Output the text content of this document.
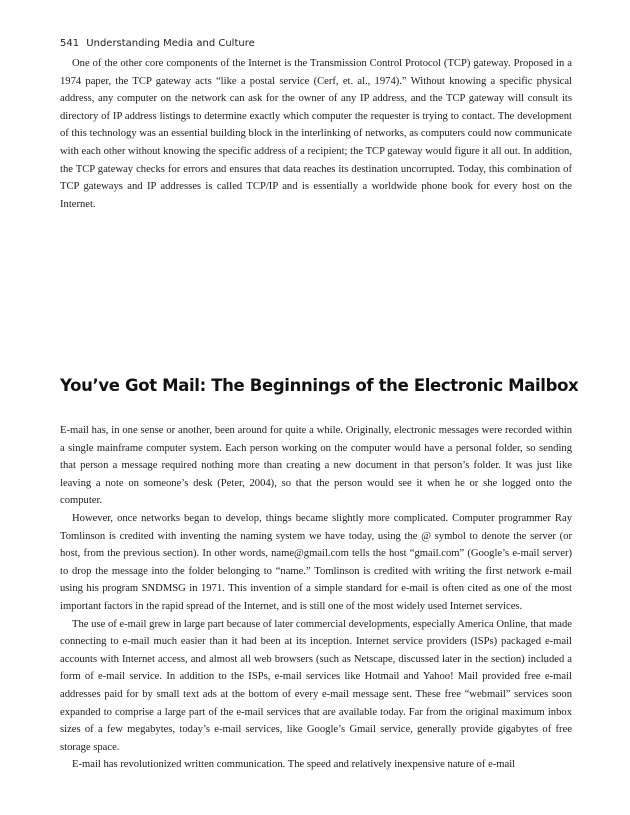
541 Understanding Media and Culture

One of the other core components of the Internet is the Transmission Control Protocol (TCP) gateway. Proposed in a 1974 paper, the TCP gateway acts “like a postal service (Cerf, et. al., 1974).” Without knowing a specific physical address, any computer on the network can ask for the owner of any IP address, and the TCP gateway will consult its directory of IP address listings to determine exactly which computer the requester is trying to contact. The development of this technology was an essential building block in the interlinking of networks, as computers could now communicate with each other without knowing the specific address of a recipient; the TCP gateway would figure it all out. In addition, the TCP gateway checks for errors and ensures that data reaches its destination uncorrupted. Today, this combination of TCP gateways and IP addresses is called TCP/IP and is essentially a worldwide phone book for every host on the Internet.

You’ve Got Mail: The Beginnings of the Electronic Mailbox

E-mail has, in one sense or another, been around for quite a while. Originally, electronic messages were recorded within a single mainframe computer system. Each person working on the computer would have a personal folder, so sending that person a message required nothing more than creating a new document in that person’s folder. It was just like leaving a note on someone’s desk (Peter, 2004), so that the person would see it when he or she logged onto the computer.

However, once networks began to develop, things became slightly more complicated. Computer programmer Ray Tomlinson is credited with inventing the naming system we have today, using the @ symbol to denote the server (or host, from the previous section). In other words, name@gmail.com tells the host “gmail.com” (Google’s e-mail server) to drop the message into the folder belonging to “name.” Tomlinson is credited with writing the first network e-mail using his program SNDMSG in 1971. This invention of a simple standard for e-mail is often cited as one of the most important factors in the rapid spread of the Internet, and is still one of the most widely used Internet services.

The use of e-mail grew in large part because of later commercial developments, especially America Online, that made connecting to e-mail much easier than it had been at its inception. Internet service providers (ISPs) packaged e-mail accounts with Internet access, and almost all web browsers (such as Netscape, discussed later in the section) included a form of e-mail service. In addition to the ISPs, e-mail services like Hotmail and Yahoo! Mail provided free e-mail addresses paid for by small text ads at the bottom of every e-mail message sent. These free “webmail” services soon expanded to comprise a large part of the e-mail services that are available today. Far from the original maximum inbox sizes of a few megabytes, today’s e-mail services, like Google’s Gmail service, generally provide gigabytes of free storage space.

E-mail has revolutionized written communication. The speed and relatively inexpensive nature of e-mail
